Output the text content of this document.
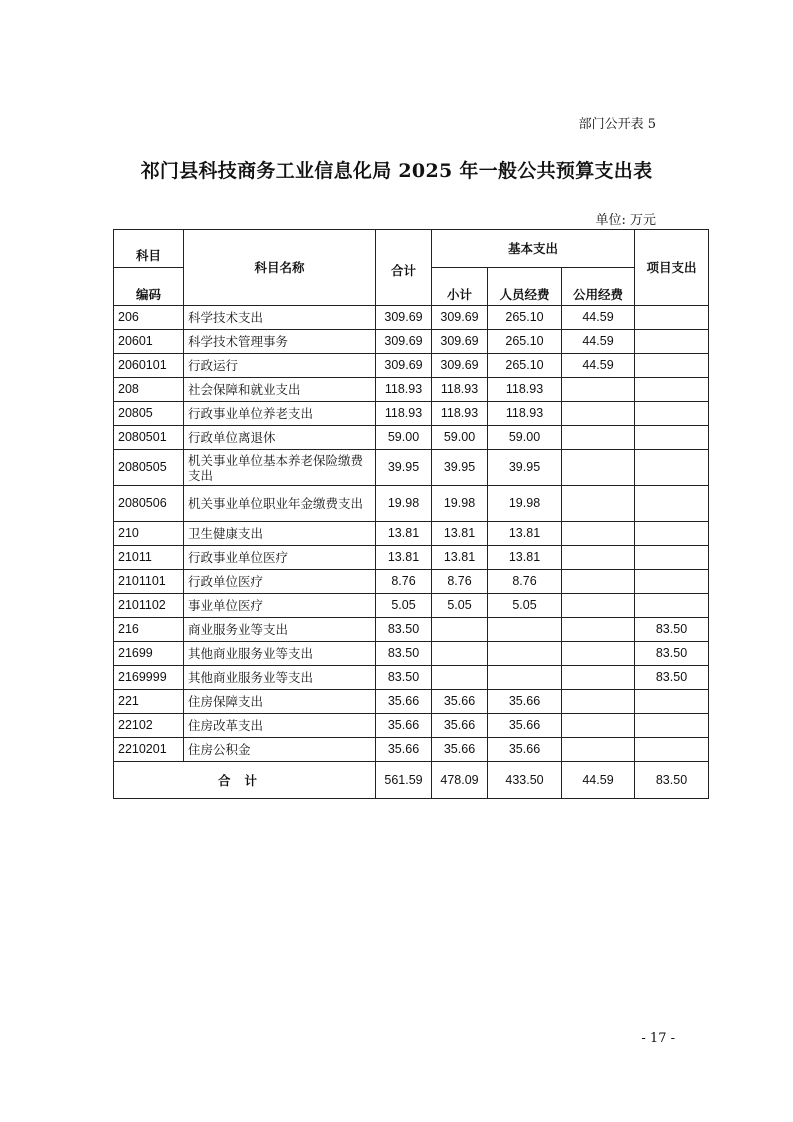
部门公开表 5
祁门县科技商务工业信息化局 2025 年一般公共预算支出表
单位: 万元
科目	科目名称	合计	基本支出			项目支出
编码			小计	人员经费	公用经费	
206	科学技术支出	309.69	309.69	265.10	44.59	
20601	科学技术管理事务	309.69	309.69	265.10	44.59	
2060101	行政运行	309.69	309.69	265.10	44.59	
208	社会保障和就业支出	118.93	118.93	118.93		
20805	行政事业单位养老支出	118.93	118.93	118.93		
2080501	行政单位离退休	59.00	59.00	59.00		
2080505	机关事业单位基本养老保险缴费支出	39.95	39.95	39.95		
2080506	机关事业单位职业年金缴费支出	19.98	19.98	19.98		
210	卫生健康支出	13.81	13.81	13.81		
21011	行政事业单位医疗	13.81	13.81	13.81		
2101101	行政单位医疗	8.76	8.76	8.76		
2101102	事业单位医疗	5.05	5.05	5.05		
216	商业服务业等支出	83.50				83.50
21699	其他商业服务业等支出	83.50				83.50
2169999	其他商业服务业等支出	83.50				83.50
221	住房保障支出	35.66	35.66	35.66		
22102	住房改革支出	35.66	35.66	35.66		
2210201	住房公积金	35.66	35.66	35.66		
合计		561.59	478.09	433.50	44.59	83.50
- 17 -
